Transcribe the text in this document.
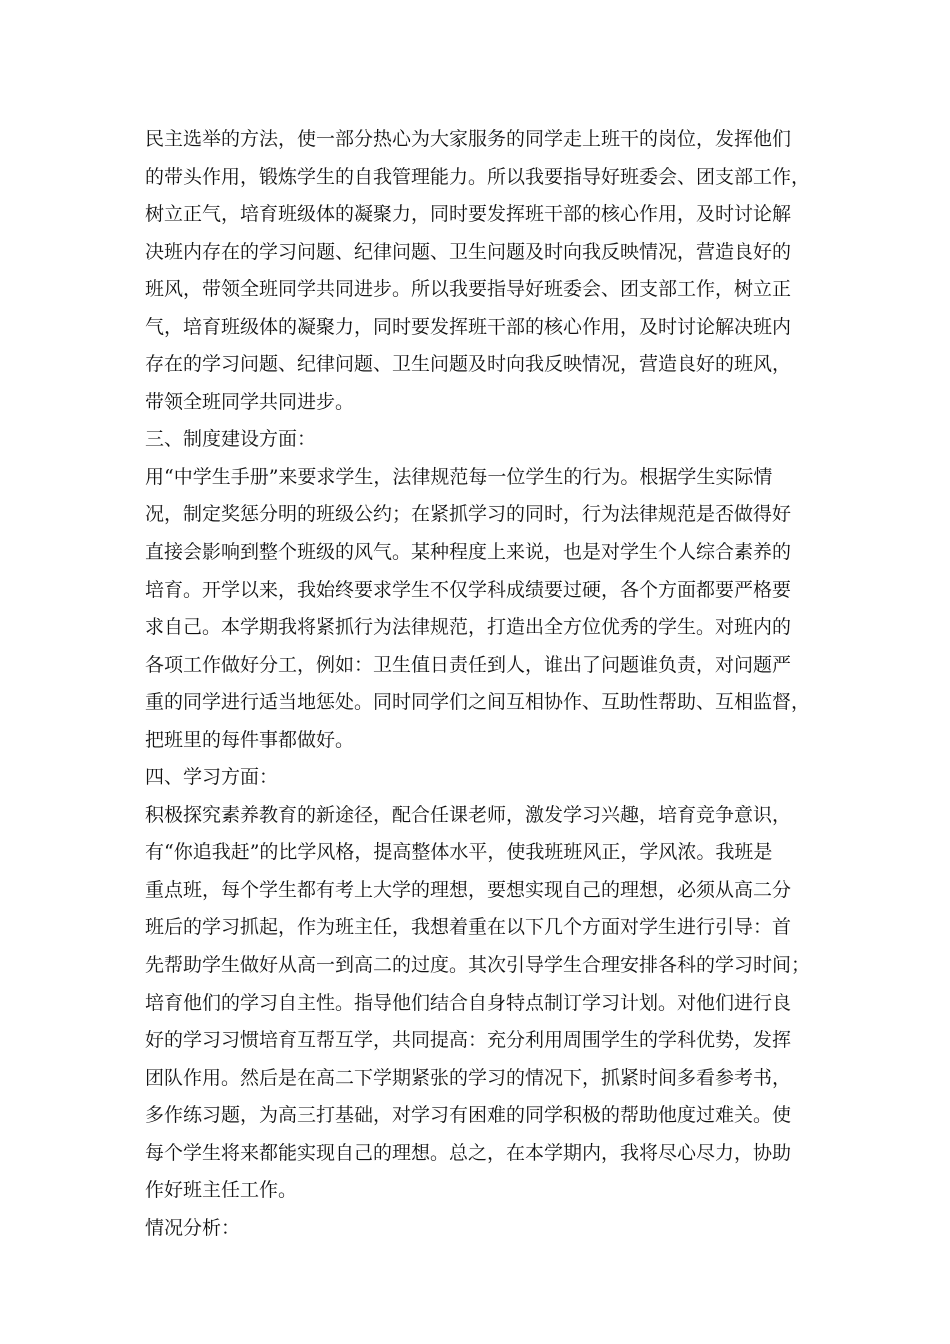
民主选举的方法，使一部分热心为大家服务的同学走上班干的岗位，发挥他们
的带头作用，锻炼学生的自我管理能力。所以我要指导好班委会、团支部工作，
树立正气，培育班级体的凝聚力，同时要发挥班干部的核心作用，及时讨论解
决班内存在的学习问题、纪律问题、卫生问题及时向我反映情况，营造良好的
班风，带领全班同学共同进步。所以我要指导好班委会、团支部工作，树立正
气，培育班级体的凝聚力，同时要发挥班干部的核心作用，及时讨论解决班内
存在的学习问题、纪律问题、卫生问题及时向我反映情况，营造良好的班风，
带领全班同学共同进步。
三、制度建设方面：
用“中学生手册”来要求学生，法律规范每一位学生的行为。根据学生实际情
况，制定奖惩分明的班级公约；在紧抓学习的同时，行为法律规范是否做得好
直接会影响到整个班级的风气。某种程度上来说，也是对学生个人综合素养的
培育。开学以来，我始终要求学生不仅学科成绩要过硬，各个方面都要严格要
求自己。本学期我将紧抓行为法律规范，打造出全方位优秀的学生。对班内的
各项工作做好分工，例如：卫生值日责任到人，谁出了问题谁负责，对问题严
重的同学进行适当地惩处。同时同学们之间互相协作、互助性帮助、互相监督，
把班里的每件事都做好。
四、学习方面：
积极探究素养教育的新途径，配合任课老师，激发学习兴趣，培育竞争意识，
有“你追我赶”的比学风格，提高整体水平，使我班班风正，学风浓。我班是
重点班，每个学生都有考上大学的理想，要想实现自己的理想，必须从高二分
班后的学习抓起，作为班主任，我想着重在以下几个方面对学生进行引导：首
先帮助学生做好从高一到高二的过度。其次引导学生合理安排各科的学习时间；
培育他们的学习自主性。指导他们结合自身特点制订学习计划。对他们进行良
好的学习习惯培育互帮互学，共同提高：充分利用周围学生的学科优势，发挥
团队作用。然后是在高二下学期紧张的学习的情况下，抓紧时间多看参考书，
多作练习题，为高三打基础，对学习有困难的同学积极的帮助他度过难关。使
每个学生将来都能实现自己的理想。总之，在本学期内，我将尽心尽力，协助
作好班主任工作。
情况分析：
